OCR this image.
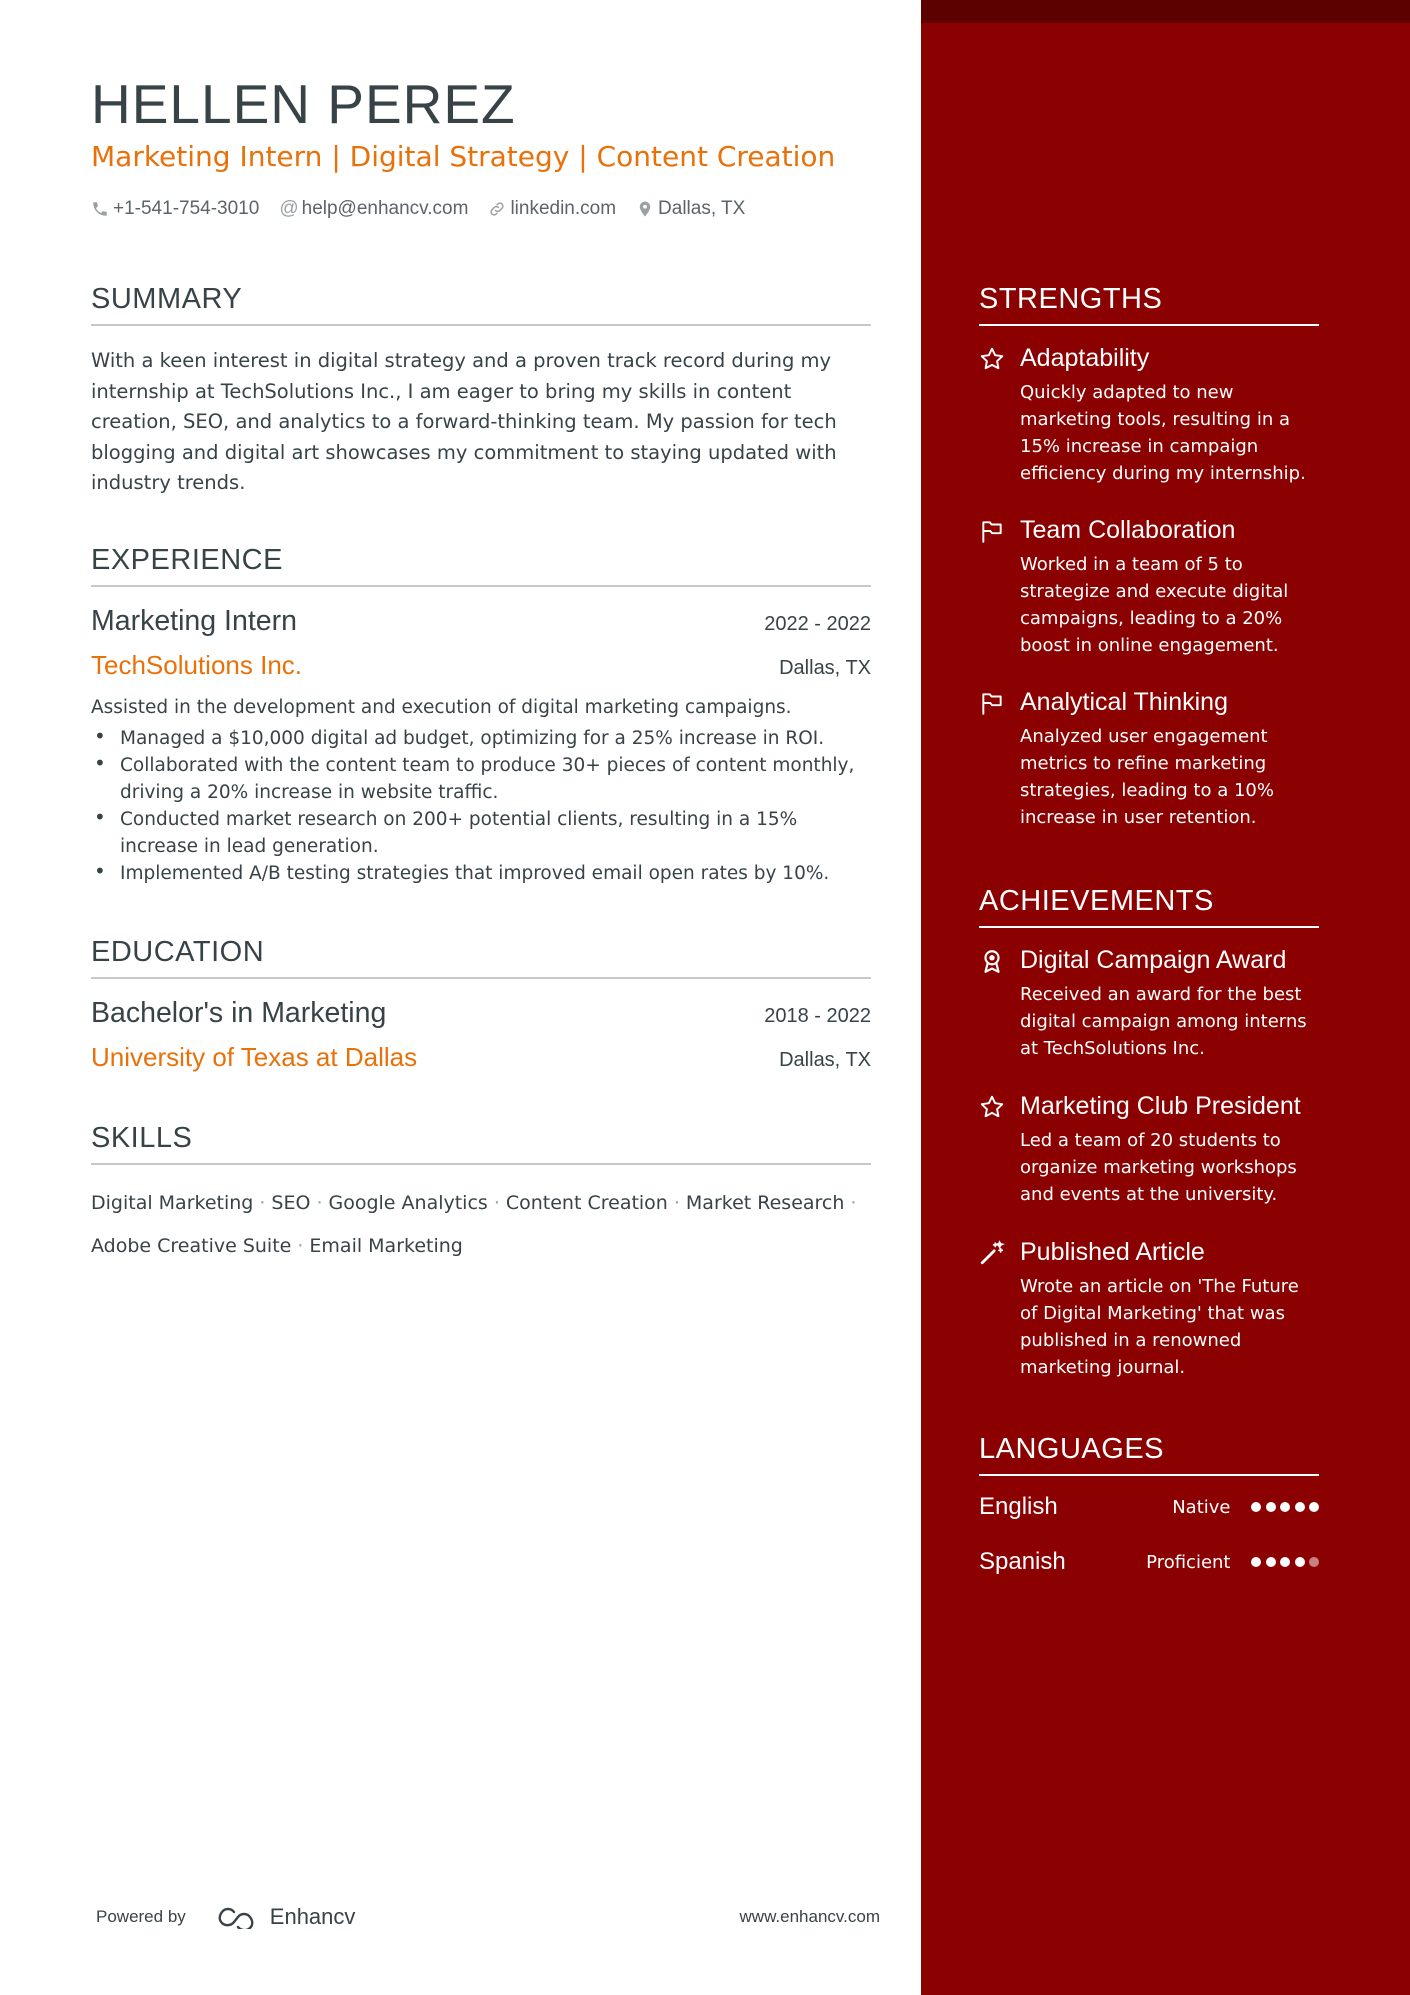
HELLEN PEREZ
Marketing Intern | Digital Strategy | Content Creation
+1-541-754-3010 @ help@enhancv.com linkedin.com Dallas, TX
SUMMARY
With a keen interest in digital strategy and a proven track record during my internship at TechSolutions Inc., I am eager to bring my skills in content creation, SEO, and analytics to a forward-thinking team. My passion for tech blogging and digital art showcases my commitment to staying updated with industry trends.
EXPERIENCE
Marketing Intern	2022 - 2022
TechSolutions Inc.	Dallas, TX
Assisted in the development and execution of digital marketing campaigns.
• Managed a $10,000 digital ad budget, optimizing for a 25% increase in ROI.
• Collaborated with the content team to produce 30+ pieces of content monthly, driving a 20% increase in website traffic.
• Conducted market research on 200+ potential clients, resulting in a 15% increase in lead generation.
• Implemented A/B testing strategies that improved email open rates by 10%.
EDUCATION
Bachelor's in Marketing	2018 - 2022
University of Texas at Dallas	Dallas, TX
SKILLS
Digital Marketing · SEO · Google Analytics · Content Creation · Market Research ·
Adobe Creative Suite · Email Marketing
Powered by	Enhancv	www.enhancv.com
STRENGTHS
Adaptability
Quickly adapted to new marketing tools, resulting in a 15% increase in campaign efficiency during my internship.
Team Collaboration
Worked in a team of 5 to strategize and execute digital campaigns, leading to a 20% boost in online engagement.
Analytical Thinking
Analyzed user engagement metrics to refine marketing strategies, leading to a 10% increase in user retention.
ACHIEVEMENTS
Digital Campaign Award
Received an award for the best digital campaign among interns at TechSolutions Inc.
Marketing Club President
Led a team of 20 students to organize marketing workshops and events at the university.
Published Article
Wrote an article on 'The Future of Digital Marketing' that was published in a renowned marketing journal.
LANGUAGES
English	Native
Spanish	Proficient
